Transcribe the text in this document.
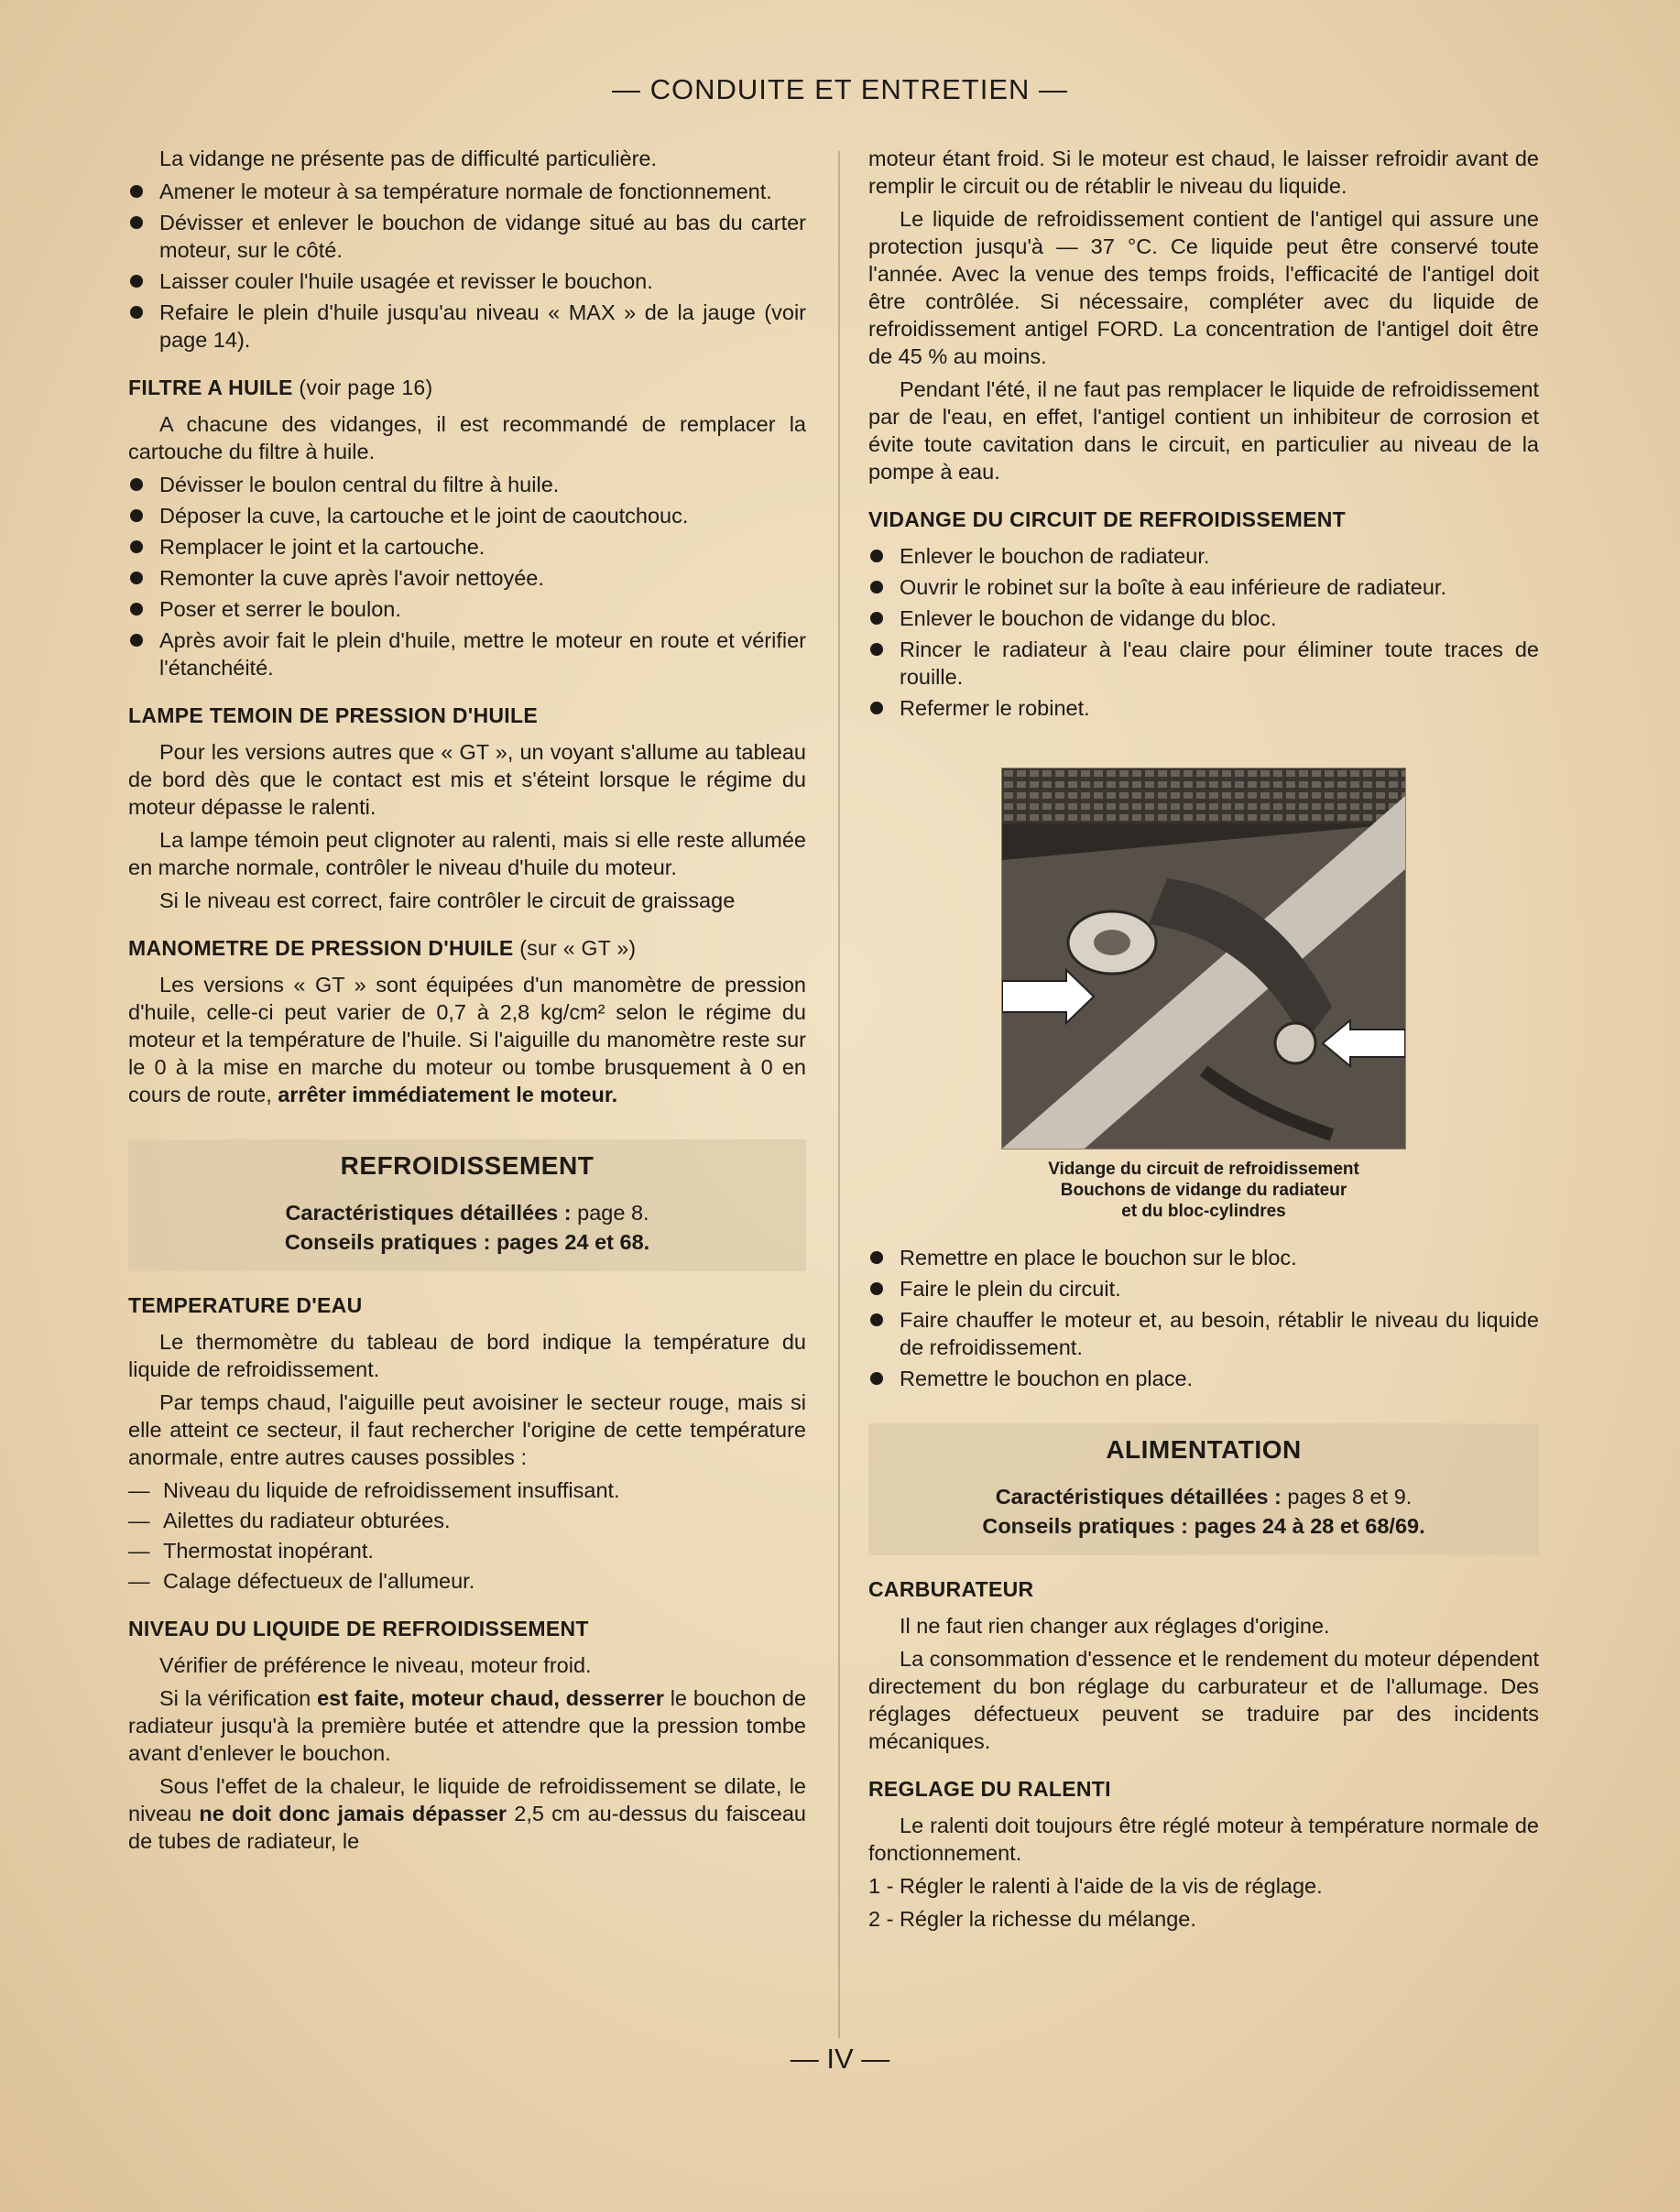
— CONDUITE ET ENTRETIEN —

La vidange ne présente pas de difficulté particulière.

Amener le moteur à sa température normale de fonctionnement.
Dévisser et enlever le bouchon de vidange situé au bas du carter moteur, sur le côté.
Laisser couler l'huile usagée et revisser le bouchon.
Refaire le plein d'huile jusqu'au niveau « MAX » de la jauge (voir page 14).
FILTRE A HUILE (voir page 16)

A chacune des vidanges, il est recommandé de remplacer la cartouche du filtre à huile.

Dévisser le boulon central du filtre à huile.
Déposer la cuve, la cartouche et le joint de caoutchouc.
Remplacer le joint et la cartouche.
Remonter la cuve après l'avoir nettoyée.
Poser et serrer le boulon.
Après avoir fait le plein d'huile, mettre le moteur en route et vérifier l'étanchéité.
LAMPE TEMOIN DE PRESSION D'HUILE

Pour les versions autres que « GT », un voyant s'allume au tableau de bord dès que le contact est mis et s'éteint lorsque le régime du moteur dépasse le ralenti.

La lampe témoin peut clignoter au ralenti, mais si elle reste allumée en marche normale, contrôler le niveau d'huile du moteur.

Si le niveau est correct, faire contrôler le circuit de graissage

MANOMETRE DE PRESSION D'HUILE (sur « GT »)

Les versions « GT » sont équipées d'un manomètre de pression d'huile, celle-ci peut varier de 0,7 à 2,8 kg/cm² selon le régime du moteur et la température de l'huile. Si l'aiguille du manomètre reste sur le 0 à la mise en marche du moteur ou tombe brusquement à 0 en cours de route, arrêter immédiatement le moteur.

REFROIDISSEMENT
Caractéristiques détaillées : page 8.
Conseils pratiques : pages 24 et 68.
TEMPERATURE D'EAU

Le thermomètre du tableau de bord indique la température du liquide de refroidissement.

Par temps chaud, l'aiguille peut avoisiner le secteur rouge, mais si elle atteint ce secteur, il faut rechercher l'origine de cette température anormale, entre autres causes possibles :

— Niveau du liquide de refroidissement insuffisant.
— Ailettes du radiateur obturées.
— Thermostat inopérant.
— Calage défectueux de l'allumeur.
NIVEAU DU LIQUIDE DE REFROIDISSEMENT

Vérifier de préférence le niveau, moteur froid.

Si la vérification est faite, moteur chaud, desserrer le bouchon de radiateur jusqu'à la première butée et attendre que la pression tombe avant d'enlever le bouchon.

Sous l'effet de la chaleur, le liquide de refroidissement se dilate, le niveau ne doit donc jamais dépasser 2,5 cm au-dessus du faisceau de tubes de radiateur, le

moteur étant froid. Si le moteur est chaud, le laisser refroidir avant de remplir le circuit ou de rétablir le niveau du liquide.

Le liquide de refroidissement contient de l'antigel qui assure une protection jusqu'à — 37 °C. Ce liquide peut être conservé toute l'année. Avec la venue des temps froids, l'efficacité de l'antigel doit être contrôlée. Si nécessaire, compléter avec du liquide de refroidissement antigel FORD. La concentration de l'antigel doit être de 45 % au moins.

Pendant l'été, il ne faut pas remplacer le liquide de refroidissement par de l'eau, en effet, l'antigel contient un inhibiteur de corrosion et évite toute cavitation dans le circuit, en particulier au niveau de la pompe à eau.

VIDANGE DU CIRCUIT DE REFROIDISSEMENT
Enlever le bouchon de radiateur.
Ouvrir le robinet sur la boîte à eau inférieure de radiateur.
Enlever le bouchon de vidange du bloc.
Rincer le radiateur à l'eau claire pour éliminer toute traces de rouille.
Refermer le robinet.
Vidange du circuit de refroidissement
Bouchons de vidange du radiateur
et du bloc-cylindres
Remettre en place le bouchon sur le bloc.
Faire le plein du circuit.
Faire chauffer le moteur et, au besoin, rétablir le niveau du liquide de refroidissement.
Remettre le bouchon en place.
ALIMENTATION
Caractéristiques détaillées : pages 8 et 9.
Conseils pratiques : pages 24 à 28 et 68/69.
CARBURATEUR

Il ne faut rien changer aux réglages d'origine.

La consommation d'essence et le rendement du moteur dépendent directement du bon réglage du carburateur et de l'allumage. Des réglages défectueux peuvent se traduire par des incidents mécaniques.

REGLAGE DU RALENTI

Le ralenti doit toujours être réglé moteur à température normale de fonctionnement.

1 - Régler le ralenti à l'aide de la vis de réglage.

2 - Régler la richesse du mélange.

— IV —
